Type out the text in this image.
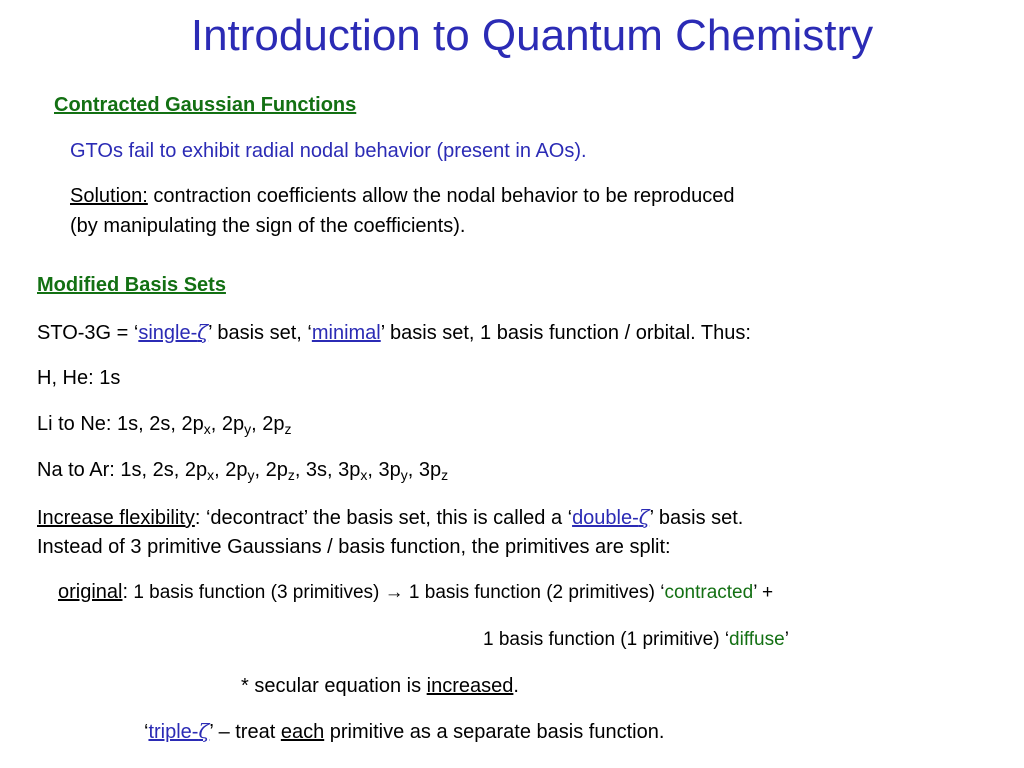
Introduction to Quantum Chemistry
Contracted Gaussian Functions
GTOs fail to exhibit radial nodal behavior (present in AOs).
Solution: contraction coefficients allow the nodal behavior to be reproduced
(by manipulating the sign of the coefficients).
Modified Basis Sets
STO-3G = ‘single-ζ’ basis set, ‘minimal’ basis set, 1 basis function / orbital. Thus:
H, He: 1s
Li to Ne: 1s, 2s, $2p_x$, $2p_y$, $2p_z$
Na to Ar: 1s, 2s, $2p_x$, $2p_y$, $2p_z$, 3s, $3p_x$, $3p_y$, $3p_z$
Increase flexibility: ‘decontract’ the basis set, this is called a ‘double-ζ’ basis set.
Instead of 3 primitive Gaussians / basis function, the primitives are split:
original: 1 basis function (3 primitives) → 1 basis function (2 primitives) ‘contracted’ +
1 basis function (1 primitive) ‘diffuse’
* secular equation is increased.
‘triple-ζ’ – treat each primitive as a separate basis function.
